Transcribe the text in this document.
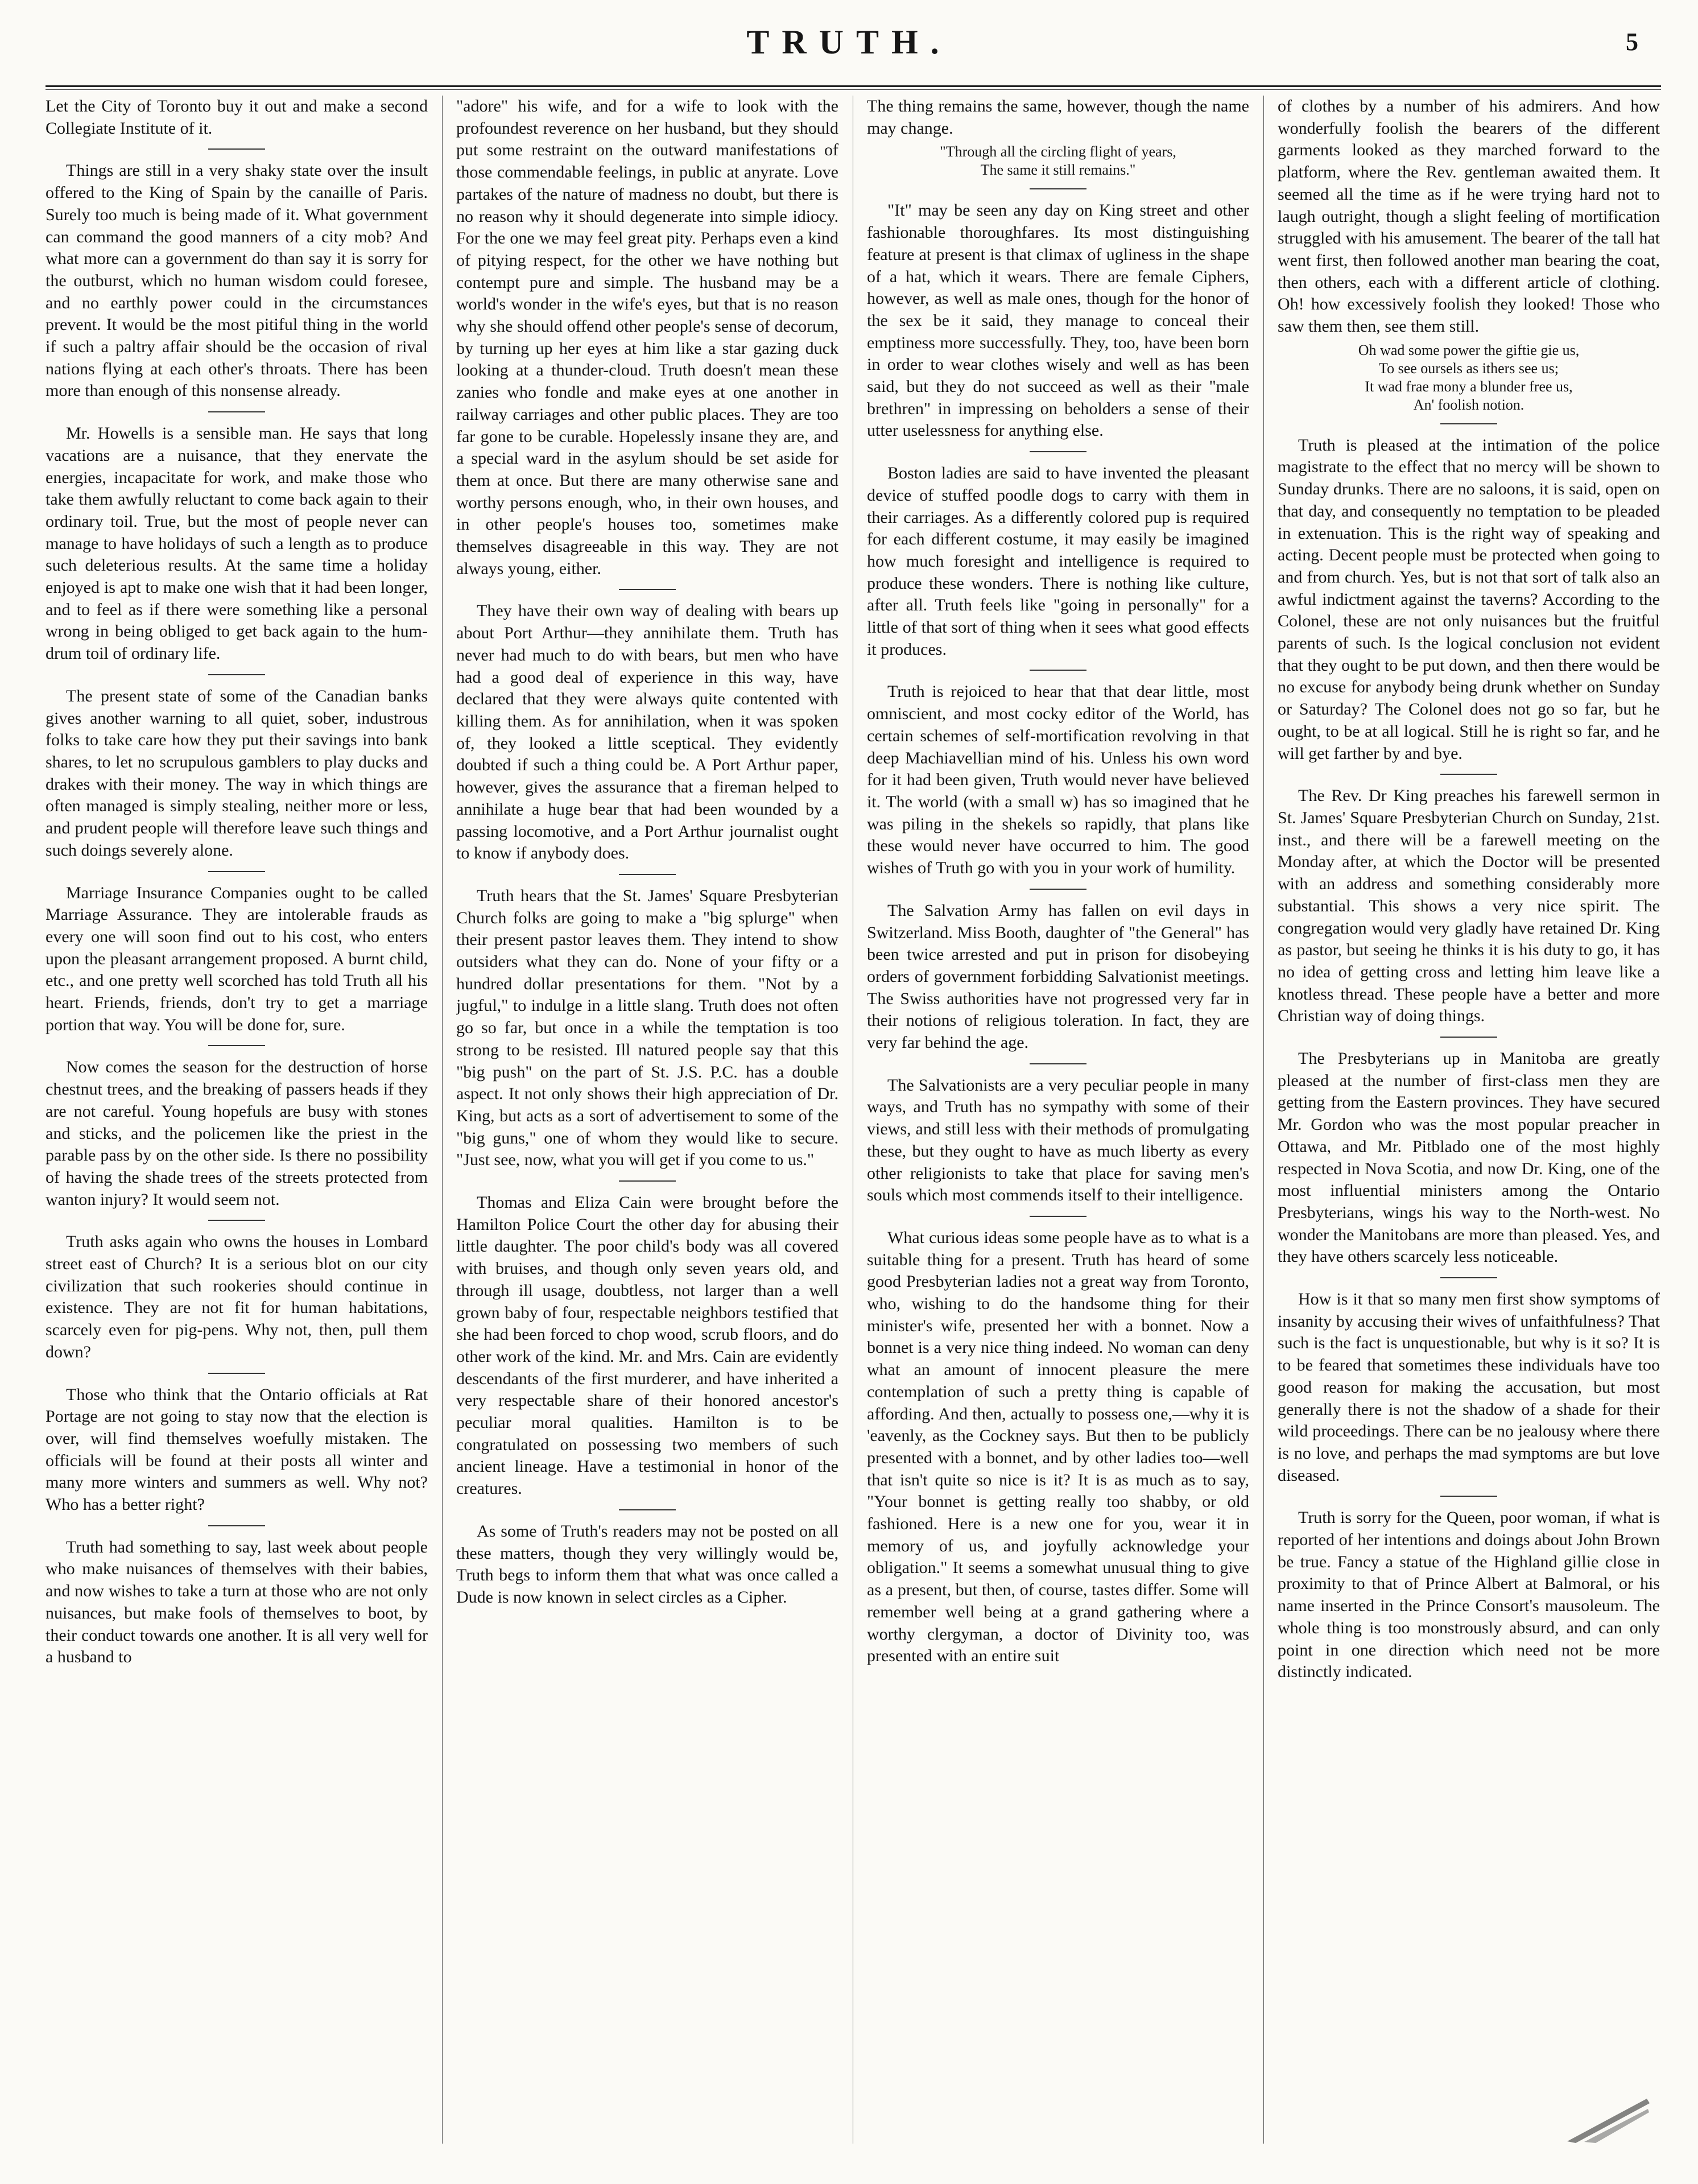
TRUTH.	5

Let the City of Toronto buy it out and make a second Collegiate Institute of it.

Things are still in a very shaky state over the insult offered to the King of Spain by the canaille of Paris. Surely too much is being made of it. What government can command the good manners of a city mob? And what more can a government do than say it is sorry for the outburst, which no human wisdom could foresee, and no earthly power could in the circumstances prevent. It would be the most pitiful thing in the world if such a paltry affair should be the occasion of rival nations flying at each other's throats. There has been more than enough of this nonsense already.

Mr. Howells is a sensible man. He says that long vacations are a nuisance, that they enervate the energies, incapacitate for work, and make those who take them awfully reluctant to come back again to their ordinary toil. True, but the most of people never can manage to have holidays of such a length as to produce such deleterious results. At the same time a holiday enjoyed is apt to make one wish that it had been longer, and to feel as if there were something like a personal wrong in being obliged to get back again to the hum-drum toil of ordinary life.

The present state of some of the Canadian banks gives another warning to all quiet, sober, industrous folks to take care how they put their savings into bank shares, to let no scrupulous gamblers to play ducks and drakes with their money. The way in which things are often managed is simply stealing, neither more or less, and prudent people will therefore leave such things and such doings severely alone.

Marriage Insurance Companies ought to be called Marriage Assurance. They are intolerable frauds as every one will soon find out to his cost, who enters upon the pleasant arrangement proposed. A burnt child, etc., and one pretty well scorched has told Truth all his heart. Friends, friends, don't try to get a marriage portion that way. You will be done for, sure.

Now comes the season for the destruction of horse chestnut trees, and the breaking of passers heads if they are not careful. Young hopefuls are busy with stones and sticks, and the policemen like the priest in the parable pass by on the other side. Is there no possibility of having the shade trees of the streets protected from wanton injury? It would seem not.

Truth asks again who owns the houses in Lombard street east of Church? It is a serious blot on our city civilization that such rookeries should continue in existence. They are not fit for human habitations, scarcely even for pig-pens. Why not, then, pull them down?

Those who think that the Ontario officials at Rat Portage are not going to stay now that the election is over, will find themselves woefully mistaken. The officials will be found at their posts all winter and many more winters and summers as well. Why not? Who has a better right?

Truth had something to say, last week about people who make nuisances of themselves with their babies, and now wishes to take a turn at those who are not only nuisances, but make fools of themselves to boot, by their conduct towards one another. It is all very well for a husband to

"adore" his wife, and for a wife to look with the profoundest reverence on her husband, but they should put some restraint on the outward manifestations of those commendable feelings, in public at anyrate. Love partakes of the nature of madness no doubt, but there is no reason why it should degenerate into simple idiocy. For the one we may feel great pity. Perhaps even a kind of pitying respect, for the other we have nothing but contempt pure and simple. The husband may be a world's wonder in the wife's eyes, but that is no reason why she should offend other people's sense of decorum, by turning up her eyes at him like a star gazing duck looking at a thunder-cloud. Truth doesn't mean these zanies who fondle and make eyes at one another in railway carriages and other public places. They are too far gone to be curable. Hopelessly insane they are, and a special ward in the asylum should be set aside for them at once. But there are many otherwise sane and worthy persons enough, who, in their own houses, and in other people's houses too, sometimes make themselves disagreeable in this way. They are not always young, either.

They have their own way of dealing with bears up about Port Arthur—they annihilate them. Truth has never had much to do with bears, but men who have had a good deal of experience in this way, have declared that they were always quite contented with killing them. As for annihilation, when it was spoken of, they looked a little sceptical. They evidently doubted if such a thing could be. A Port Arthur paper, however, gives the assurance that a fireman helped to annihilate a huge bear that had been wounded by a passing locomotive, and a Port Arthur journalist ought to know if anybody does.

Truth hears that the St. James' Square Presbyterian Church folks are going to make a "big splurge" when their present pastor leaves them. They intend to show outsiders what they can do. None of your fifty or a hundred dollar presentations for them. "Not by a jugful," to indulge in a little slang. Truth does not often go so far, but once in a while the temptation is too strong to be resisted. Ill natured people say that this "big push" on the part of St. J.S. P.C. has a double aspect. It not only shows their high appreciation of Dr. King, but acts as a sort of advertisement to some of the "big guns," one of whom they would like to secure. "Just see, now, what you will get if you come to us."

Thomas and Eliza Cain were brought before the Hamilton Police Court the other day for abusing their little daughter. The poor child's body was all covered with bruises, and though only seven years old, and through ill usage, doubtless, not larger than a well grown baby of four, respectable neighbors testified that she had been forced to chop wood, scrub floors, and do other work of the kind. Mr. and Mrs. Cain are evidently descendants of the first murderer, and have inherited a very respectable share of their honored ancestor's peculiar moral qualities. Hamilton is to be congratulated on possessing two members of such ancient lineage. Have a testimonial in honor of the creatures.

As some of Truth's readers may not be posted on all these matters, though they very willingly would be, Truth begs to inform them that what was once called a Dude is now known in select circles as a Cipher.

The thing remains the same, however, though the name may change.

"Through all the circling flight of years,
The same it still remains."

"It" may be seen any day on King street and other fashionable thoroughfares. Its most distinguishing feature at present is that climax of ugliness in the shape of a hat, which it wears. There are female Ciphers, however, as well as male ones, though for the honor of the sex be it said, they manage to conceal their emptiness more successfully. They, too, have been born in order to wear clothes wisely and well as has been said, but they do not succeed as well as their "male brethren" in impressing on beholders a sense of their utter uselessness for anything else.

Boston ladies are said to have invented the pleasant device of stuffed poodle dogs to carry with them in their carriages. As a differently colored pup is required for each different costume, it may easily be imagined how much foresight and intelligence is required to produce these wonders. There is nothing like culture, after all. Truth feels like "going in personally" for a little of that sort of thing when it sees what good effects it produces.

Truth is rejoiced to hear that that dear little, most omniscient, and most cocky editor of the World, has certain schemes of self-mortification revolving in that deep Machiavellian mind of his. Unless his own word for it had been given, Truth would never have believed it. The world (with a small w) has so imagined that he was piling in the shekels so rapidly, that plans like these would never have occurred to him. The good wishes of Truth go with you in your work of humility.

The Salvation Army has fallen on evil days in Switzerland. Miss Booth, daughter of "the General" has been twice arrested and put in prison for disobeying orders of government forbidding Salvationist meetings. The Swiss authorities have not progressed very far in their notions of religious toleration. In fact, they are very far behind the age.

The Salvationists are a very peculiar people in many ways, and Truth has no sympathy with some of their views, and still less with their methods of promulgating these, but they ought to have as much liberty as every other religionists to take that place for saving men's souls which most commends itself to their intelligence.

What curious ideas some people have as to what is a suitable thing for a present. Truth has heard of some good Presbyterian ladies not a great way from Toronto, who, wishing to do the handsome thing for their minister's wife, presented her with a bonnet. Now a bonnet is a very nice thing indeed. No woman can deny what an amount of innocent pleasure the mere contemplation of such a pretty thing is capable of affording. And then, actually to possess one,—why it is 'eavenly, as the Cockney says. But then to be publicly presented with a bonnet, and by other ladies too—well that isn't quite so nice is it? It is as much as to say, "Your bonnet is getting really too shabby, or old fashioned. Here is a new one for you, wear it in memory of us, and joyfully acknowledge your obligation." It seems a somewhat unusual thing to give as a present, but then, of course, tastes differ. Some will remember well being at a grand gathering where a worthy clergyman, a doctor of Divinity too, was presented with an entire suit

of clothes by a number of his admirers. And how wonderfully foolish the bearers of the different garments looked as they marched forward to the platform, where the Rev. gentleman awaited them. It seemed all the time as if he were trying hard not to laugh outright, though a slight feeling of mortification struggled with his amusement. The bearer of the tall hat went first, then followed another man bearing the coat, then others, each with a different article of clothing. Oh! how excessively foolish they looked! Those who saw them then, see them still.

Oh wad some power the giftie gie us,
To see oursels as ithers see us;
It wad frae mony a blunder free us,
An' foolish notion.

Truth is pleased at the intimation of the police magistrate to the effect that no mercy will be shown to Sunday drunks. There are no saloons, it is said, open on that day, and consequently no temptation to be pleaded in extenuation. This is the right way of speaking and acting. Decent people must be protected when going to and from church. Yes, but is not that sort of talk also an awful indictment against the taverns? According to the Colonel, these are not only nuisances but the fruitful parents of such. Is the logical conclusion not evident that they ought to be put down, and then there would be no excuse for anybody being drunk whether on Sunday or Saturday? The Colonel does not go so far, but he ought, to be at all logical. Still he is right so far, and he will get farther by and bye.

The Rev. Dr King preaches his farewell sermon in St. James' Square Presbyterian Church on Sunday, 21st. inst., and there will be a farewell meeting on the Monday after, at which the Doctor will be presented with an address and something considerably more substantial. This shows a very nice spirit. The congregation would very gladly have retained Dr. King as pastor, but seeing he thinks it is his duty to go, it has no idea of getting cross and letting him leave like a knotless thread. These people have a better and more Christian way of doing things.

The Presbyterians up in Manitoba are greatly pleased at the number of first-class men they are getting from the Eastern provinces. They have secured Mr. Gordon who was the most popular preacher in Ottawa, and Mr. Pitblado one of the most highly respected in Nova Scotia, and now Dr. King, one of the most influential ministers among the Ontario Presbyterians, wings his way to the North-west. No wonder the Manitobans are more than pleased. Yes, and they have others scarcely less noticeable.

How is it that so many men first show symptoms of insanity by accusing their wives of unfaithfulness? That such is the fact is unquestionable, but why is it so? It is to be feared that sometimes these individuals have too good reason for making the accusation, but most generally there is not the shadow of a shade for their wild proceedings. There can be no jealousy where there is no love, and perhaps the mad symptoms are but love diseased.

Truth is sorry for the Queen, poor woman, if what is reported of her intentions and doings about John Brown be true. Fancy a statue of the Highland gillie close in proximity to that of Prince Albert at Balmoral, or his name inserted in the Prince Consort's mausoleum. The whole thing is too monstrously absurd, and can only point in one direction which need not be more distinctly indicated.
